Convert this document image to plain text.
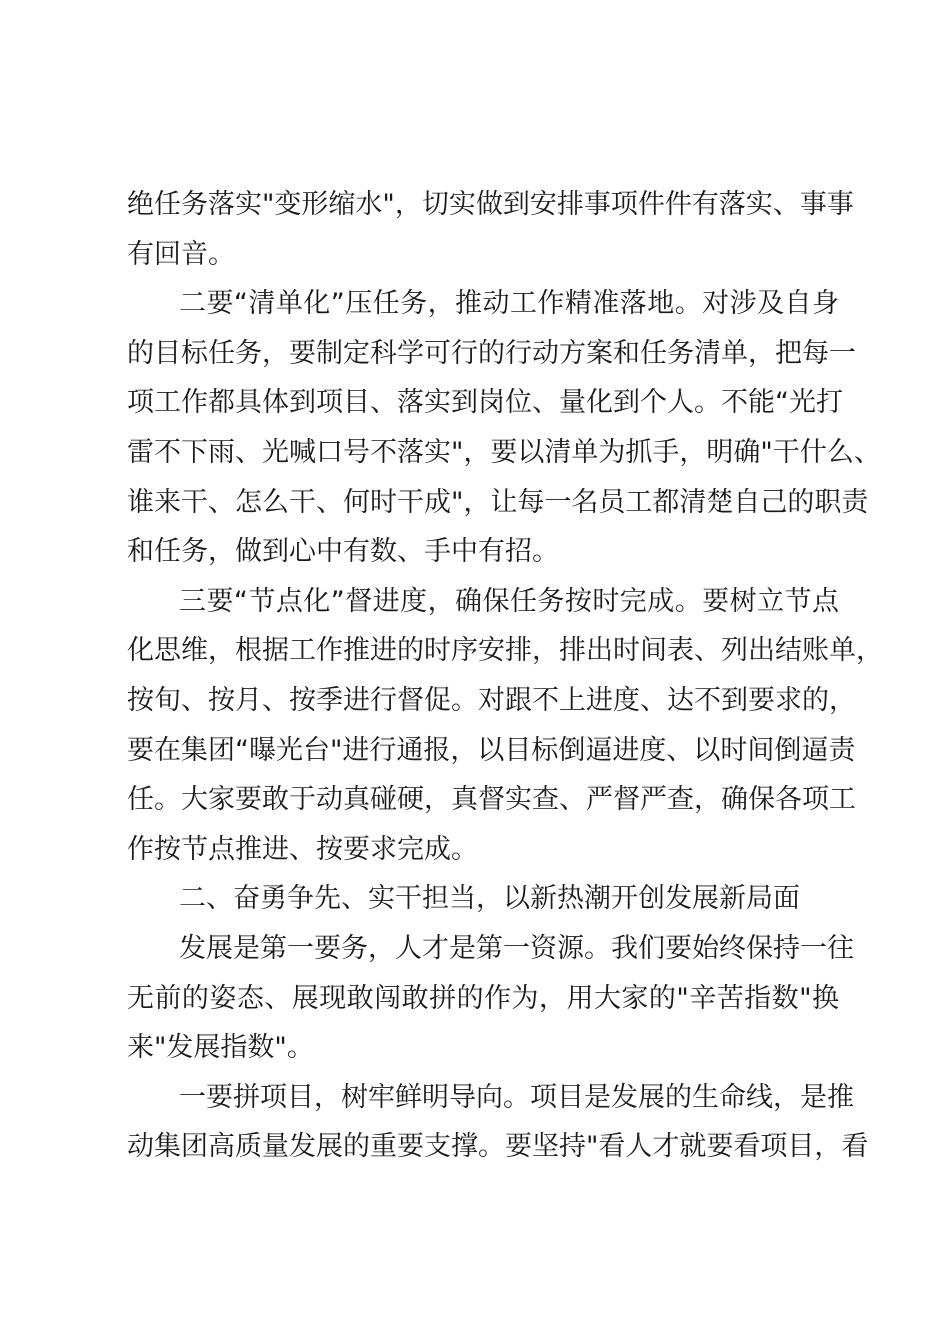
绝任务落实"变形缩水"，切实做到安排事项件件有落实、事事
有回音。
二要“清单化”压任务，推动工作精准落地。对涉及自身
的目标任务，要制定科学可行的行动方案和任务清单，把每一
项工作都具体到项目、落实到岗位、量化到个人。不能“光打
雷不下雨、光喊口号不落实"，要以清单为抓手，明确"干什么、
谁来干、怎么干、何时干成"，让每一名员工都清楚自己的职责
和任务，做到心中有数、手中有招。
三要“节点化”督进度，确保任务按时完成。要树立节点
化思维，根据工作推进的时序安排，排出时间表、列出结账单，
按旬、按月、按季进行督促。对跟不上进度、达不到要求的，
要在集团“曝光台"进行通报，以目标倒逼进度、以时间倒逼责
任。大家要敢于动真碰硬，真督实查、严督严查，确保各项工
作按节点推进、按要求完成。
二、奋勇争先、实干担当，以新热潮开创发展新局面
发展是第一要务，人才是第一资源。我们要始终保持一往
无前的姿态、展现敢闯敢拼的作为，用大家的"辛苦指数"换
来"发展指数"。
一要拼项目，树牢鲜明导向。项目是发展的生命线，是推
动集团高质量发展的重要支撑。要坚持"看人才就要看项目，看
